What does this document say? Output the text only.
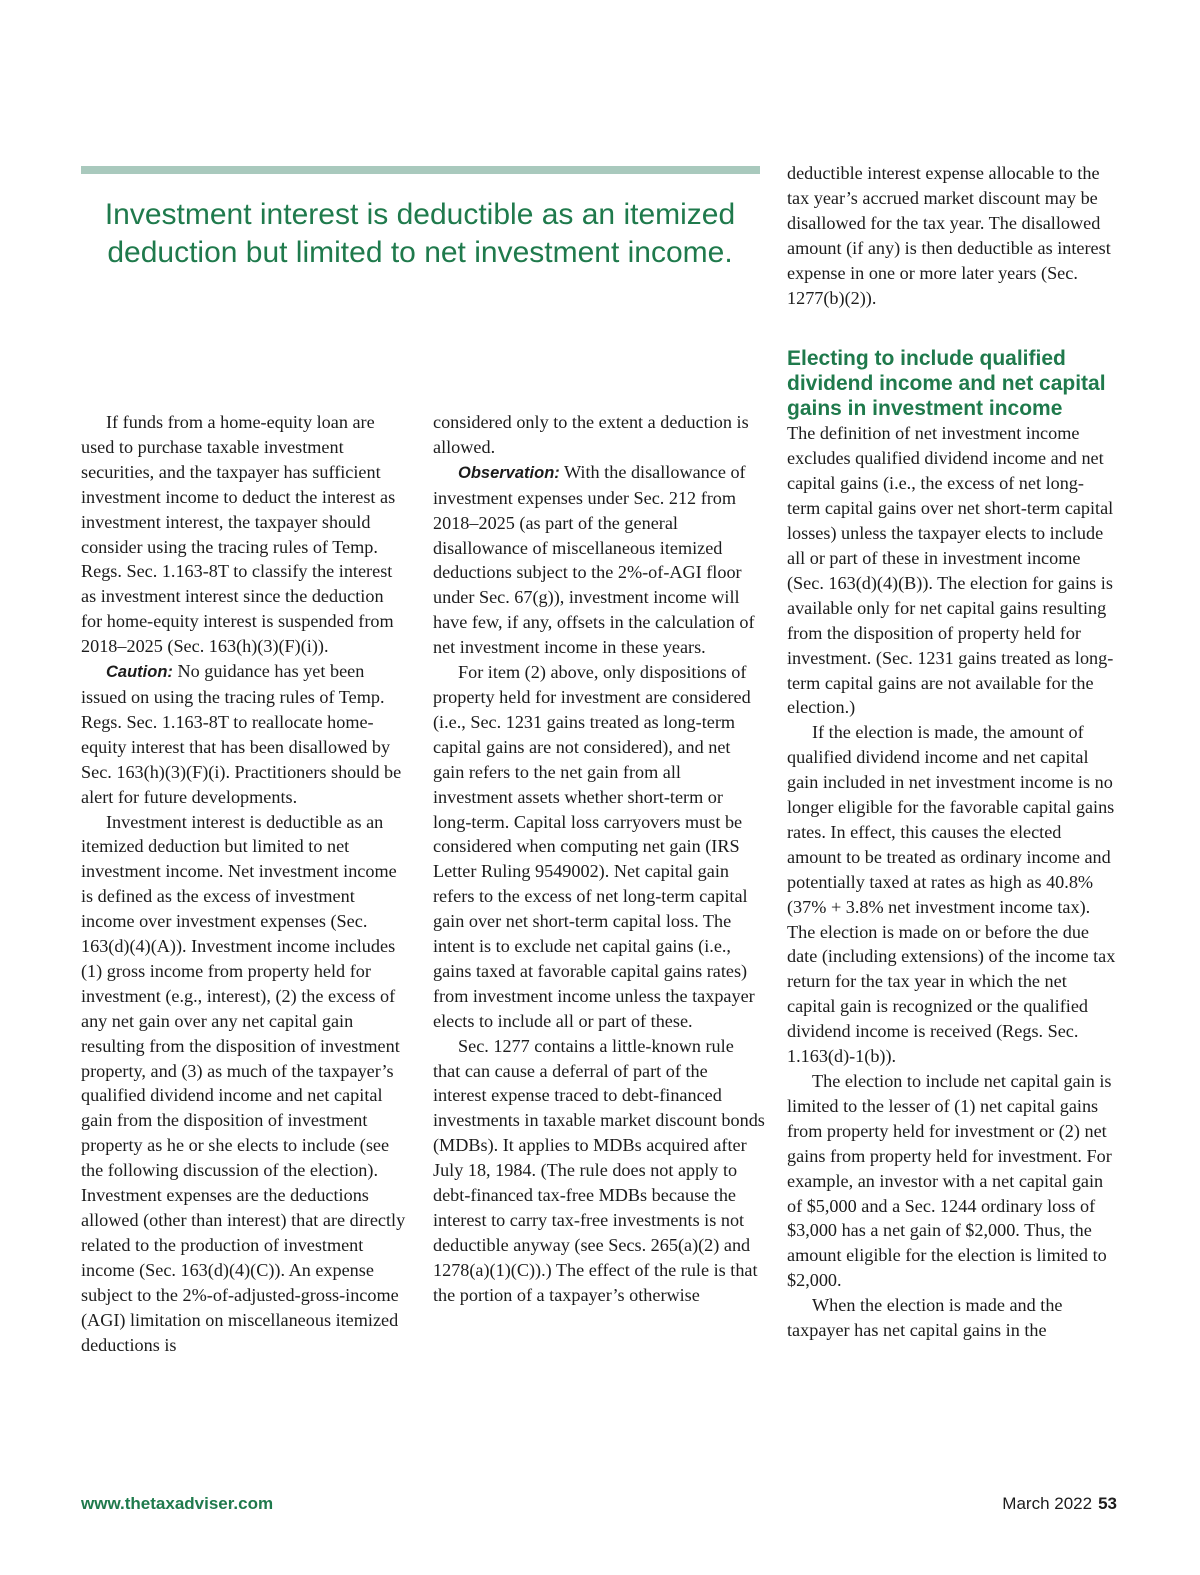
Investment interest is deductible as an itemized deduction but limited to net investment income.

If funds from a home-equity loan are used to purchase taxable investment securities, and the taxpayer has sufficient investment income to deduct the interest as investment interest, the taxpayer should consider using the tracing rules of Temp. Regs. Sec. 1.163-8T to classify the interest as investment interest since the deduction for home-equity interest is suspended from 2018–2025 (Sec. 163(h)(3)(F)(i)).

Caution: No guidance has yet been issued on using the tracing rules of Temp. Regs. Sec. 1.163-8T to reallocate home-equity interest that has been disallowed by Sec. 163(h)(3)(F)(i). Practitioners should be alert for future developments.

Investment interest is deductible as an itemized deduction but limited to net investment income. Net investment income is defined as the excess of investment income over investment expenses (Sec. 163(d)(4)(A)). Investment income includes (1) gross income from property held for investment (e.g., interest), (2) the excess of any net gain over any net capital gain resulting from the disposition of investment property, and (3) as much of the taxpayer’s qualified dividend income and net capital gain from the disposition of investment property as he or she elects to include (see the following discussion of the election). Investment expenses are the deductions allowed (other than interest) that are directly related to the production of investment income (Sec. 163(d)(4)(C)). An expense subject to the 2%-of-adjusted-gross-income (AGI) limitation on miscellaneous itemized deductions is

considered only to the extent a deduction is allowed.

Observation: With the disallowance of investment expenses under Sec. 212 from 2018–2025 (as part of the general disallowance of miscellaneous itemized deductions subject to the 2%-of-AGI floor under Sec. 67(g)), investment income will have few, if any, offsets in the calculation of net investment income in these years.

For item (2) above, only dispositions of property held for investment are considered (i.e., Sec. 1231 gains treated as long-term capital gains are not considered), and net gain refers to the net gain from all investment assets whether short-term or long-term. Capital loss carryovers must be considered when computing net gain (IRS Letter Ruling 9549002). Net capital gain refers to the excess of net long-term capital gain over net short-term capital loss. The intent is to exclude net capital gains (i.e., gains taxed at favorable capital gains rates) from investment income unless the taxpayer elects to include all or part of these.

Sec. 1277 contains a little-known rule that can cause a deferral of part of the interest expense traced to debt-financed investments in taxable market discount bonds (MDBs). It applies to MDBs acquired after July 18, 1984. (The rule does not apply to debt-financed tax-free MDBs because the interest to carry tax-free investments is not deductible anyway (see Secs. 265(a)(2) and 1278(a)(1)(C)).) The effect of the rule is that the portion of a taxpayer’s otherwise

deductible interest expense allocable to the tax year’s accrued market discount may be disallowed for the tax year. The disallowed amount (if any) is then deductible as interest expense in one or more later years (Sec. 1277(b)(2)).

Electing to include qualified dividend income and net capital gains in investment income

The definition of net investment income excludes qualified dividend income and net capital gains (i.e., the excess of net long-term capital gains over net short-term capital losses) unless the taxpayer elects to include all or part of these in investment income (Sec. 163(d)(4)(B)). The election for gains is available only for net capital gains resulting from the disposition of property held for investment. (Sec. 1231 gains treated as long-term capital gains are not available for the election.)

If the election is made, the amount of qualified dividend income and net capital gain included in net investment income is no longer eligible for the favorable capital gains rates. In effect, this causes the elected amount to be treated as ordinary income and potentially taxed at rates as high as 40.8% (37% + 3.8% net investment income tax). The election is made on or before the due date (including extensions) of the income tax return for the tax year in which the net capital gain is recognized or the qualified dividend income is received (Regs. Sec. 1.163(d)-1(b)).

The election to include net capital gain is limited to the lesser of (1) net capital gains from property held for investment or (2) net gains from property held for investment. For example, an investor with a net capital gain of $5,000 and a Sec. 1244 ordinary loss of $3,000 has a net gain of $2,000. Thus, the amount eligible for the election is limited to $2,000.

When the election is made and the taxpayer has net capital gains in the

www.thetaxadviser.com	March 2022 53
